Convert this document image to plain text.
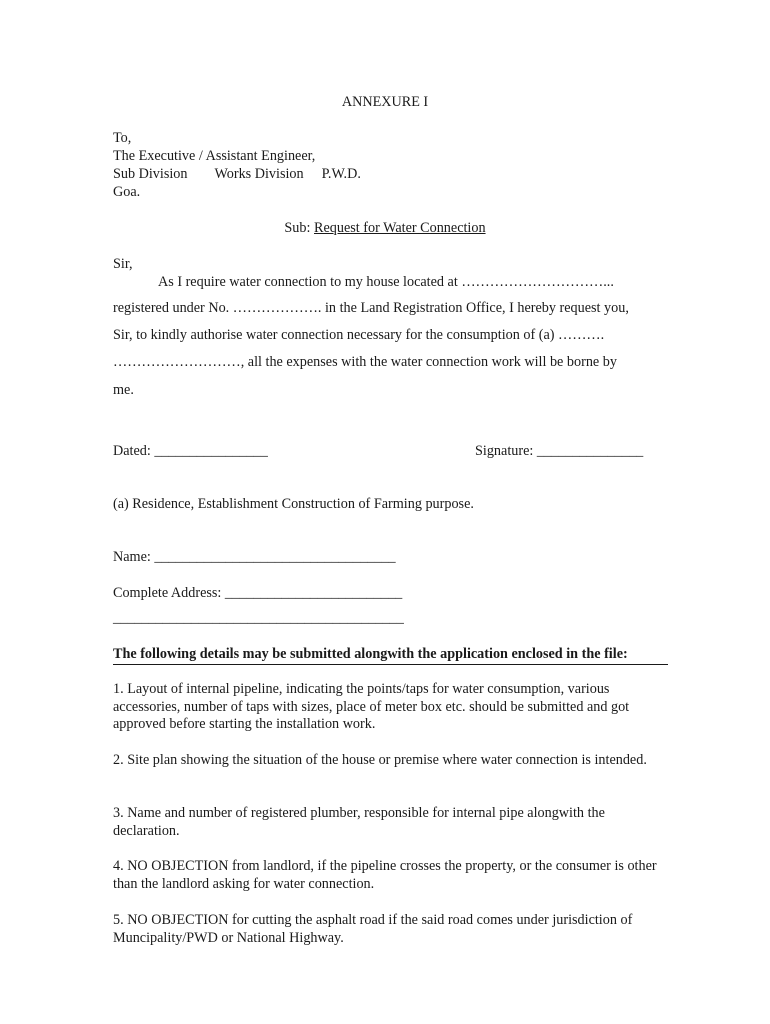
ANNEXURE I
To,
The Executive / Assistant Engineer,
Sub Division Works Division P.W.D.
Goa.
Sub: Request for Water Connection
Sir,
As I require water connection to my house located at …………………………...
registered under No. ………………. in the Land Registration Office, I hereby request you,
Sir, to kindly authorise water connection necessary for the consumption of (a) ……….
………………………, all the expenses with the water connection work will be borne by
me.
Dated: ________________	Signature: _______________
(a) Residence, Establishment Construction of Farming purpose.
Name: __________________________________
Complete Address: _________________________
_________________________________________
The following details may be submitted alongwith the application enclosed in the file:
1. Layout of internal pipeline, indicating the points/taps for water consumption, various accessories, number of taps with sizes, place of meter box etc. should be submitted and got approved before starting the installation work.
2. Site plan showing the situation of the house or premise where water connection is intended.
3. Name and number of registered plumber, responsible for internal pipe alongwith the declaration.
4. NO OBJECTION from landlord, if the pipeline crosses the property, or the consumer is other than the landlord asking for water connection.
5. NO OBJECTION for cutting the asphalt road if the said road comes under jurisdiction of Muncipality/PWD or National Highway.
